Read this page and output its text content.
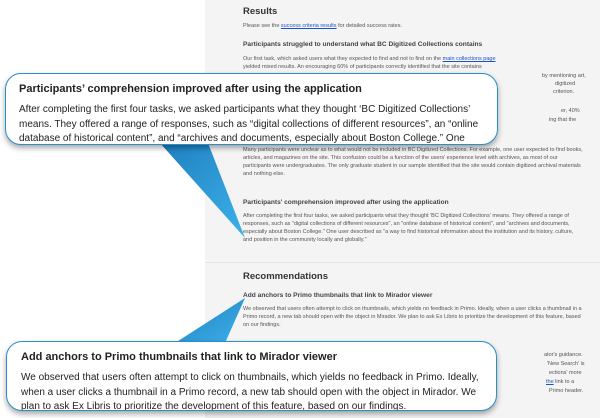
Results

Please see the success criteria results for detailed success rates.

Participants struggled to understand what BC Digitized Collections contains

Our first task, which asked users what they expected to find and not to find on the main collections page

yielded mixed results. An encouraging 60% of participants correctly identified that the site contains

by mentioning art,
digitized
criterion.
er, 40%
ing that the

Many participants were unclear as to what would not be included in BC Digitized Collections. For example, one user expected to find books, articles, and magazines on the site. This confusion could be a function of the users' experience level with archives, as most of our participants were undergraduates. The only graduate student in our sample identified that the site would contain digitized archival materials and nothing else.

Participants' comprehension improved after using the application

After completing the first four tasks, we asked participants what they thought 'BC Digitized Collections' means. They offered a range of responses, such as "digital collections of different resources", an "online database of historical content", and "archives and documents, especially about Boston College." One user described as "a way to find historical information about the institution and its history, culture, and position in the community locally and globally."

Recommendations
Add anchors to Primo thumbnails that link to Mirador viewer

We observed that users often attempt to click on thumbnails, which yields no feedback in Primo. Ideally, when a user clicks a thumbnail in a Primo record, a new tab should open with the object in Mirador. We plan to ask Ex Libris to prioritize the development of this feature, based on our findings.

ator's guidance.
'New Search' is
ections' more
the link to a
Primo header.

Participants’ comprehension improved after using the application

After completing the first four tasks, we asked participants what they thought ‘BC Digitized Collections’ means. They offered a range of responses, such as “digital collections of different resources”, an “online database of historical content”, and “archives and documents, especially about Boston College.” One

Add anchors to Primo thumbnails that link to Mirador viewer

We observed that users often attempt to click on thumbnails, which yields no feedback in Primo. Ideally, when a user clicks a thumbnail in a Primo record, a new tab should open with the object in Mirador. We plan to ask Ex Libris to prioritize the development of this feature, based on our findings.
